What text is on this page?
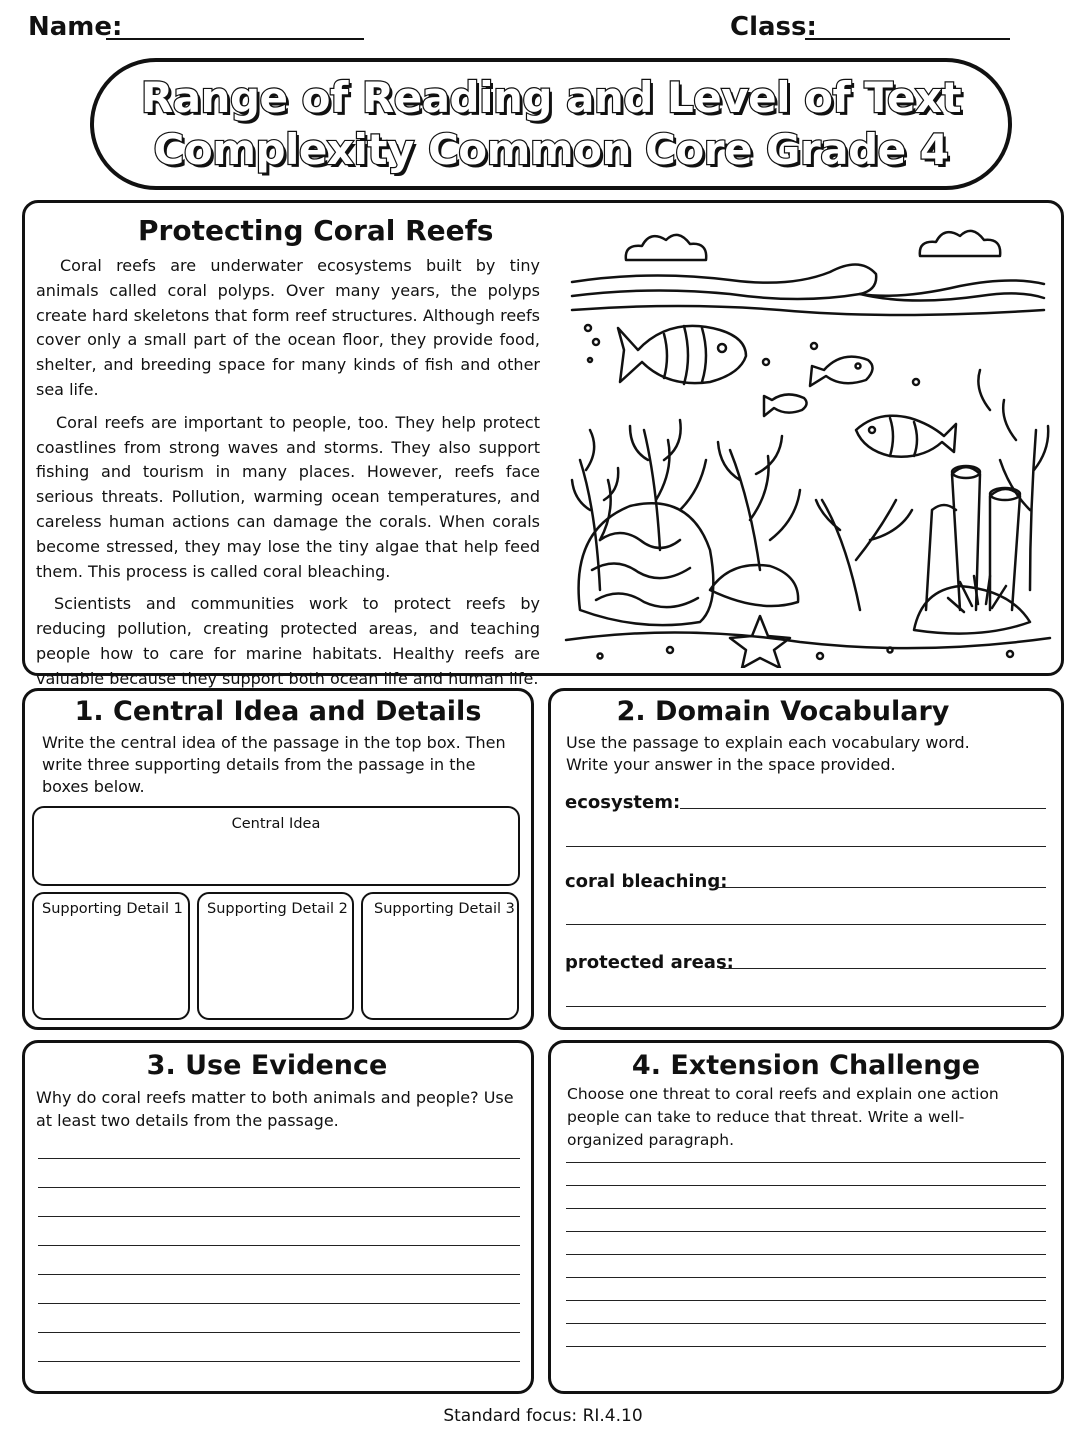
Name:	Class:
Range of Reading and Level of Text
Complexity Common Core Grade 4
Protecting Coral Reefs

Coral reefs are underwater ecosystems built by tiny animals called coral polyps. Over many years, the polyps create hard skeletons that form reef structures. Although reefs cover only a small part of the ocean floor, they provide food, shelter, and breeding space for many kinds of fish and other sea life.

Coral reefs are important to people, too. They help protect coastlines from strong waves and storms. They also support fishing and tourism in many places. However, reefs face serious threats. Pollution, warming ocean temperatures, and careless human actions can damage the corals. When corals become stressed, they may lose the tiny algae that help feed them. This process is called coral bleaching.

Scientists and communities work to protect reefs by reducing pollution, creating protected areas, and teaching people how to care for marine habitats. Healthy reefs are valuable because they support both ocean life and human life.

1. Central Idea and Details
Write the central idea of the passage in the top box. Then write three supporting details from the passage in the boxes below.
Central Idea
Supporting Detail 1 Supporting Detail 2 Supporting Detail 3
2. Domain Vocabulary
Use the passage to explain each vocabulary word. Write your answer in the space provided.
ecosystem:
coral bleaching:
protected areas:
3. Use Evidence
Why do coral reefs matter to both animals and people? Use at least two details from the passage.
4. Extension Challenge
Choose one threat to coral reefs and explain one action people can take to reduce that threat. Write a well-organized paragraph.
Standard focus: RI.4.10
